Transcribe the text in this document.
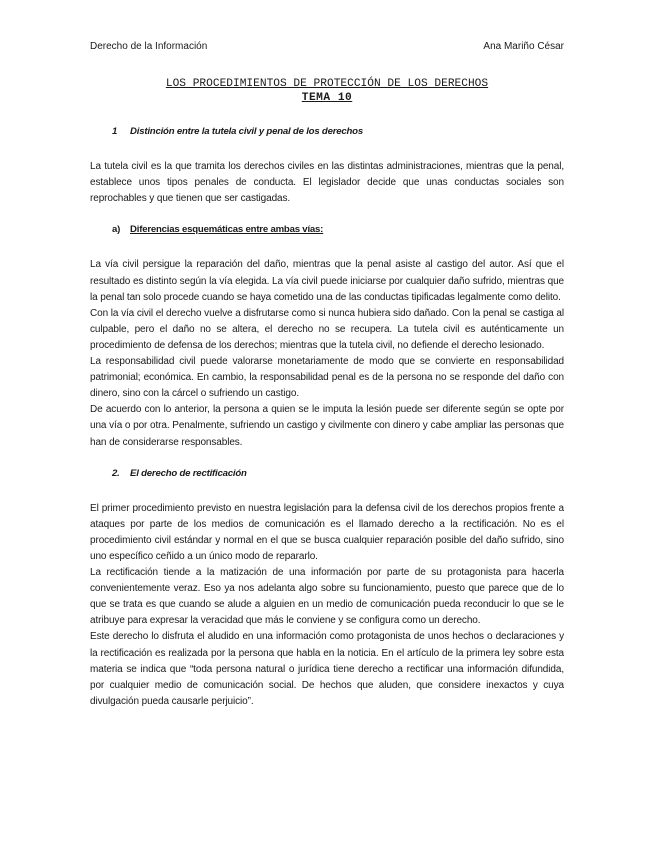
Derecho de la Información	Ana Mariño César
LOS PROCEDIMIENTOS DE PROTECCIÓN DE LOS DERECHOS
TEMA 10
1 Distinción entre la tutela civil y penal de los derechos

La tutela civil es la que tramita los derechos civiles en las distintas administraciones, mientras que la penal, establece unos tipos penales de conducta. El legislador decide que unas conductas sociales son reprochables y que tienen que ser castigadas.

a) Diferencias esquemáticas entre ambas vías:

La vía civil persigue la reparación del daño, mientras que la penal asiste al castigo del autor. Así que el resultado es distinto según la vía elegida. La vía civil puede iniciarse por cualquier daño sufrido, mientras que la penal tan solo procede cuando se haya cometido una de las conductas tipificadas legalmente como delito.

Con la vía civil el derecho vuelve a disfrutarse como si nunca hubiera sido dañado. Con la penal se castiga al culpable, pero el daño no se altera, el derecho no se recupera. La tutela civil es auténticamente un procedimiento de defensa de los derechos; mientras que la tutela civil, no defiende el derecho lesionado.

La responsabilidad civil puede valorarse monetariamente de modo que se convierte en responsabilidad patrimonial; económica. En cambio, la responsabilidad penal es de la persona no se responde del daño con dinero, sino con la cárcel o sufriendo un castigo.

De acuerdo con lo anterior, la persona a quien se le imputa la lesión puede ser diferente según se opte por una vía o por otra. Penalmente, sufriendo un castigo y civilmente con dinero y cabe ampliar las personas que han de considerarse responsables.

2. El derecho de rectificación

El primer procedimiento previsto en nuestra legislación para la defensa civil de los derechos propios frente a ataques por parte de los medios de comunicación es el llamado derecho a la rectificación. No es el procedimiento civil estándar y normal en el que se busca cualquier reparación posible del daño sufrido, sino uno específico ceñido a un único modo de repararlo.

La rectificación tiende a la matización de una información por parte de su protagonista para hacerla convenientemente veraz. Eso ya nos adelanta algo sobre su funcionamiento, puesto que parece que de lo que se trata es que cuando se alude a alguien en un medio de comunicación pueda reconducir lo que se le atribuye para expresar la veracidad que más le conviene y se configura como un derecho.

Este derecho lo disfruta el aludido en una información como protagonista de unos hechos o declaraciones y la rectificación es realizada por la persona que habla en la noticia. En el artículo de la primera ley sobre esta materia se indica que “toda persona natural o jurídica tiene derecho a rectificar una información difundida, por cualquier medio de comunicación social. De hechos que aluden, que considere inexactos y cuya divulgación pueda causarle perjuicio”.
